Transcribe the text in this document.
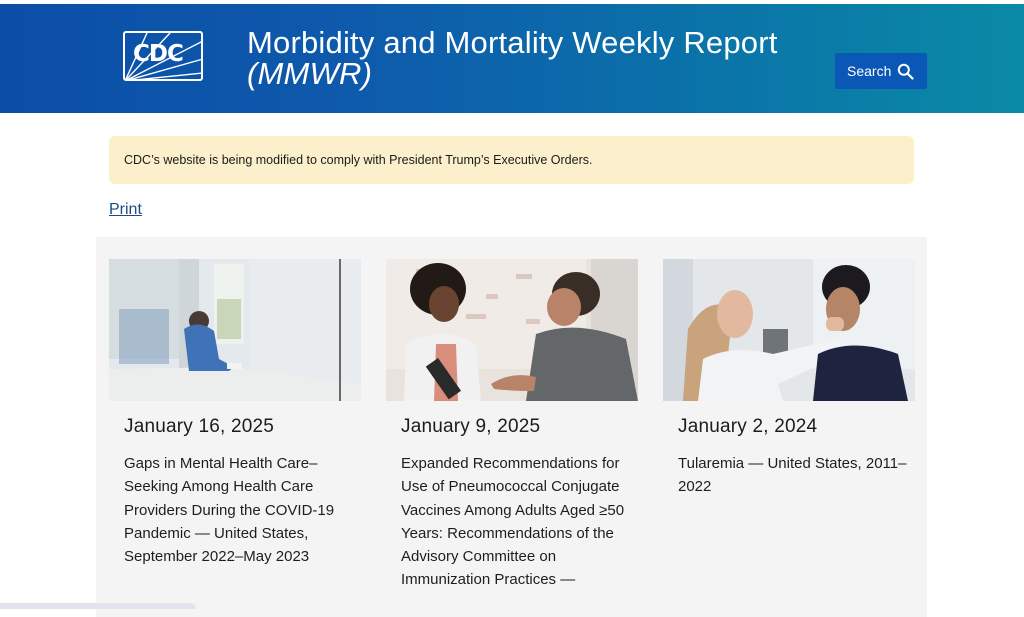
CDC Morbidity and Mortality Weekly Report
(MMWR)	Search
CDC’s website is being modified to comply with President Trump’s Executive Orders.
Print
January 16, 2025
Gaps in Mental Health Care–Seeking Among Health Care Providers During the COVID-19 Pandemic — United States, September 2022–May 2023
January 9, 2025
Expanded Recommendations for Use of Pneumococcal Conjugate Vaccines Among Adults Aged ≥50 Years: Recommendations of the Advisory Committee on Immunization Practices —
January 2, 2024
Tularemia — United States, 2011–2022
